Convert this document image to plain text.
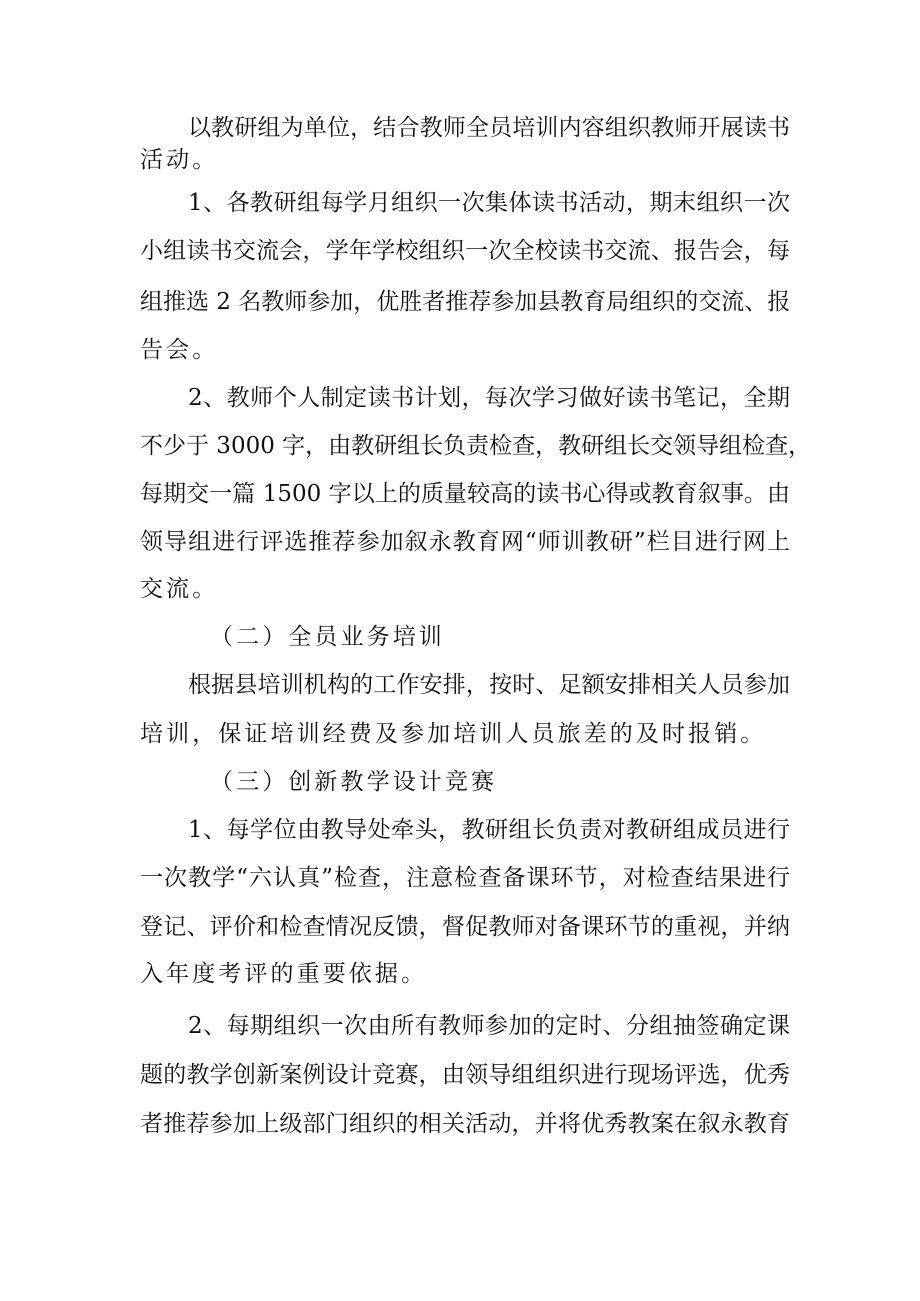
以教研组为单位，结合教师全员培训内容组织教师开展读书
活动。
1、各教研组每学月组织一次集体读书活动，期末组织一次
小组读书交流会，学年学校组织一次全校读书交流、报告会，每
组推选 2 名教师参加，优胜者推荐参加县教育局组织的交流、报
告会。
2、教师个人制定读书计划，每次学习做好读书笔记，全期
不少于 3000 字，由教研组长负责检查，教研组长交领导组检查，
每期交一篇 1500 字以上的质量较高的读书心得或教育叙事。由
领导组进行评选推荐参加叙永教育网“师训教研”栏目进行网上
交流。
（二）全员业务培训
根据县培训机构的工作安排，按时、足额安排相关人员参加
培训，保证培训经费及参加培训人员旅差的及时报销。
（三）创新教学设计竞赛
1、每学位由教导处牵头，教研组长负责对教研组成员进行
一次教学“六认真”检查，注意检查备课环节，对检查结果进行
登记、评价和检查情况反馈，督促教师对备课环节的重视，并纳
入年度考评的重要依据。
2、每期组织一次由所有教师参加的定时、分组抽签确定课
题的教学创新案例设计竞赛，由领导组组织进行现场评选，优秀
者推荐参加上级部门组织的相关活动，并将优秀教案在叙永教育
